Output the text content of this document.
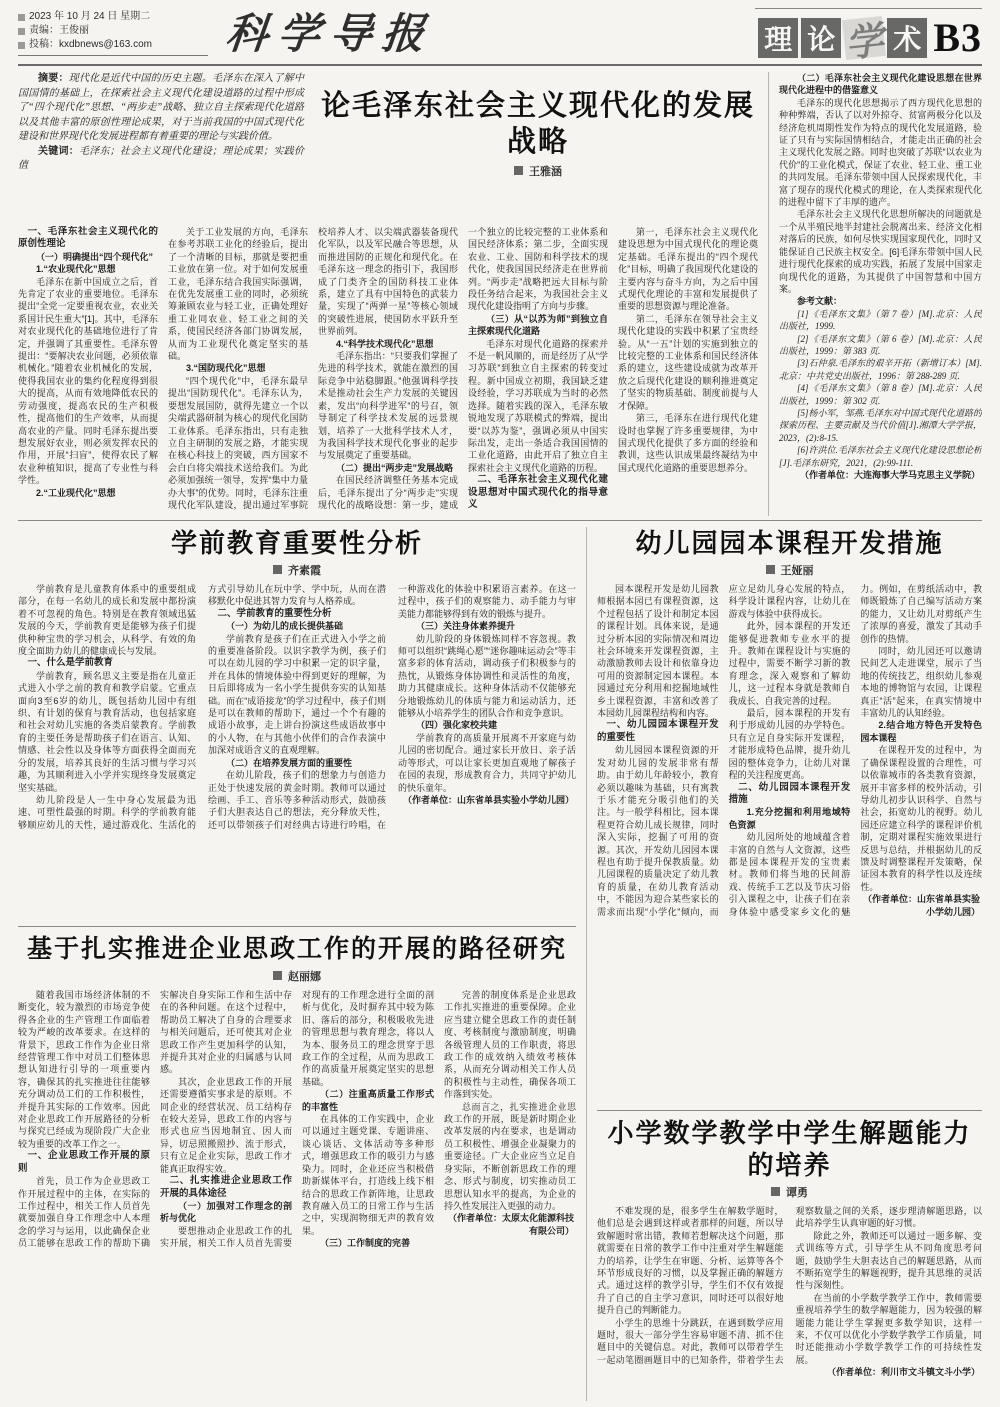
2023 年 10 月 24 日 星期二
责编：王俊丽
投稿：kxdbnews@163.com 科学导报	理 论 学 术 B3

摘要：现代化是近代中国的历史主题。毛泽东在深入了解中国国情的基础上，在探索社会主义现代化建设道路的过程中形成了“四个现代化”思想、“两步走”战略、独立自主探索现代化道路以及其他丰富的原创性理论成果，对于当前我国的中国式现代化建设和世界现代化发展进程都有着重要的理论与实践价值。

关键词：毛泽东；社会主义现代化建设；理论成果；实践价值

论毛泽东社会主义现代化的发展战略
王雅涵
一、毛泽东社会主义现代化的原创性理论
（一）明确提出“四个现代化”
1.“农业现代化”思想
毛泽东在新中国成立之后，首先肯定了农业的重要地位。毛泽东提出“全党一定要重视农业，农业关系国计民生重大”[1]。其中，毛泽东对农业现代化的基础地位进行了肯定，并强调了其重要性。毛泽东曾提出：“要解决农业问题，必须依靠机械化。”随着农业机械化的发展，使得我国农业的集约化程度得到很大的提高，从而有效地降低农民的劳动强度，提高农民的生产积极性，提高他们的生产效率，从而提高农业的产量。同时毛泽东提出要想发展好农业，则必须发挥农民的作用，开展“扫盲”，使得农民了解农业种植知识，提高了专业性与科学性。
2.“工业现代化”思想
关于工业发展的方向，毛泽东在参考苏联工业化的经验后，提出了一个清晰的目标，那就是要把重工业放在第一位。对于如何发展重工业，毛泽东结合我国实际强调，在优先发展重工业的同时，必须统筹兼顾农业与轻工业，正确处理好重工业同农业、轻工业之间的关系，使国民经济各部门协调发展，从而为工业现代化奠定坚实的基础。
3.“国防现代化”思想
“四个现代化”中，毛泽东最早提出“国防现代化”。毛泽东认为，要想发展国防，就得先建立一个以尖端武器研制为核心的现代化国防工业体系。毛泽东指出，只有走独立自主研制的发展之路，才能实现在核心科技上的突破，西方国家不会白白将尖端技术送给我们。为此必须加强统一领导，发挥“集中力量办大事”的优势。同时，毛泽东注重现代化军队建设，提出通过军事院校培养人才、以尖端武器装备现代化军队，以及军民融合等思想，从而推进国防的正规化和现代化。在毛泽东这一理念的指引下，我国形成了门类齐全的国防科技工业体系，建立了具有中国特色的武装力量，实现了“两弹一星”等核心领域的突破性进展，使国防水平跃升至世界前列。
4.“科学技术现代化”思想
毛泽东指出：“只要我们掌握了先进的科学技术，就能在激烈的国际竞争中站稳脚跟。”他强调科学技术是推动社会生产力发展的关键因素，发出“向科学进军”的号召，领导制定了科学技术发展的远景规划，培养了一大批科学技术人才，为我国科学技术现代化事业的起步与发展奠定了重要基础。
（二）提出“两步走”发展战略
在国民经济调整任务基本完成后，毛泽东提出了分“两步走”实现现代化的战略设想：第一步，建成一个独立的比较完整的工业体系和国民经济体系；第二步，全面实现农业、工业、国防和科学技术的现代化，使我国国民经济走在世界前列。“两步走”战略把远大目标与阶段任务结合起来，为我国社会主义现代化建设指明了方向与步骤。
（三）从“以苏为师”到独立自主探索现代化道路
毛泽东对现代化道路的探索并不是一帆风顺的，而是经历了从“学习苏联”到独立自主探索的转变过程。新中国成立初期，我国缺乏建设经验，学习苏联成为当时的必然选择。随着实践的深入，毛泽东敏锐地发现了苏联模式的弊端，提出要“以苏为鉴”，强调必须从中国实际出发，走出一条适合我国国情的工业化道路，由此开启了独立自主探索社会主义现代化道路的历程。
二、毛泽东社会主义现代化建设思想对中国式现代化的指导意义
第一，毛泽东社会主义现代化建设思想为中国式现代化的理论奠定基础。毛泽东提出的“四个现代化”目标，明确了我国现代化建设的主要内容与奋斗方向，为之后中国式现代化理论的丰富和发展提供了重要的思想资源与理论准备。
第二，毛泽东在领导社会主义现代化建设的实践中积累了宝贵经验。从“一五”计划的实施到独立的比较完整的工业体系和国民经济体系的建立，这些建设成就为改革开放之后现代化建设的顺利推进奠定了坚实的物质基础、制度前提与人才保障。
第三，毛泽东在进行现代化建设时也掌握了许多重要规律，为中国式现代化提供了多方面的经验和教训，这些认识成果最终凝结为中国式现代化道路的重要思想养分。
（二）毛泽东社会主义现代化建设思想在世界现代化进程中的借鉴意义
毛泽东的现代化思想揭示了西方现代化思想的种种弊端，否认了以对外掠夺、贫富两极分化以及经济危机周期性发作为特点的现代化发展道路，验证了只有与实际国情相结合，才能走出正确的社会主义现代化发展之路。同时也突破了苏联“以农业为代价”的工业化模式，保证了农业、轻工业、重工业的共同发展。毛泽东带领中国人民探索现代化，丰富了现存的现代化模式的理论，在人类探索现代化的进程中留下了丰厚的遗产。
毛泽东社会主义现代化思想所解决的问题就是一个从半殖民地半封建社会脱离出来、经济文化相对落后的民族，如何尽快实现国家现代化，同时又能保证自己民族主权安全。[6]毛泽东带领中国人民进行现代化探索的成功实践，拓展了发展中国家走向现代化的道路，为其提供了中国智慧和中国方案。
参考文献：
[1]《毛泽东文集》（第 7 卷）[M].北京：人民出版社，1999.
[2]《毛泽东文集》（第 6 卷）[M].北京：人民出版社，1999：第 383 页.
[3]石仲泉.毛泽东的艰辛开拓（新增订本）[M].北京：中共党史出版社，1996：第 288-289 页.
[4]《毛泽东文集》（第 8 卷）[M].北京：人民出版社，1999：第 302 页.
[5]杨小军，邹燕.毛泽东对中国式现代化道路的探索历程、主要贡献及当代价值[J].湘潭大学学报，2023，(2):8-15.
[6]许洪位.毛泽东社会主义现代化建设思想论析[J].毛泽东研究，2021，(2):99-111.
（作者单位：大连海事大学马克思主义学院）
学前教育重要性分析
齐素霞
学前教育是儿童教育体系中的重要组成部分，在每一名幼儿的成长和发展中都扮演着不可忽视的角色。特别是在教育领域迅猛发展的今天，学前教育更是能够为孩子们提供种种宝贵的学习机会，从科学、有效的角度全面助力幼儿的健康成长与发展。
一、什么是学前教育
学前教育，顾名思义主要是指在儿童正式进入小学之前的教育和教学启蒙。它重点面向3至6岁的幼儿，既包括幼儿园中有组织、有计划的保育与教育活动，也包括家庭和社会对幼儿实施的各类启蒙教育。学前教育的主要任务是帮助孩子们在语言、认知、情感、社会性以及身体等方面获得全面而充分的发展，培养其良好的生活习惯与学习兴趣，为其顺利进入小学并实现终身发展奠定坚实基础。
幼儿阶段是人一生中身心发展最为迅速、可塑性最强的时期。科学的学前教育能够顺应幼儿的天性，通过游戏化、生活化的方式引导幼儿在玩中学、学中玩，从而在潜移默化中促进其智力发育与人格养成。
二、学前教育的重要性分析
（一）为幼儿的成长提供基础
学前教育是孩子们在正式进入小学之前的重要准备阶段。以识字教学为例，孩子们可以在幼儿园的学习中积累一定的识字量，并在具体的情境体验中得到更好的理解，为日后即将成为一名小学生提供夯实的认知基础。而在“成语接龙”的学习过程中，孩子们则是可以在教师的帮助下，通过一个个有趣的成语小故事，走上讲台扮演这些成语故事中的小人物，在与其他小伙伴们的合作表演中加深对成语含义的直观理解。
（二）在培养发展方面的重要性
在幼儿阶段，孩子们的想象力与创造力正处于快速发展的黄金时期。教师可以通过绘画、手工、音乐等多种活动形式，鼓励孩子们大胆表达自己的想法，充分释放天性，还可以带领孩子们对经典古诗进行吟唱，在一种游戏化的体验中积累语言素养。在这一过程中，孩子们的观察能力、动手能力与审美能力都能够得到有效的锻炼与提升。
（三）关注身体素养提升
幼儿阶段的身体锻炼同样不容忽视。教师可以组织“跳绳心愿”“迷你趣味运动会”等丰富多彩的体育活动，调动孩子们积极参与的热忱，从锻炼身体协调性和灵活性的角度，助力其健康成长。这种身体活动不仅能够充分地锻炼幼儿的体质与能力和运动活力，还能够从小培养学生的团队合作和竞争意识。
（四）强化家校共建
学前教育的高质量开展离不开家庭与幼儿园的密切配合。通过家长开放日、亲子活动等形式，可以让家长更加直观地了解孩子在园的表现，形成教育合力，共同守护幼儿的快乐童年。
（作者单位：山东省单县实验小学幼儿园）
基于扎实推进企业思政工作的开展的路径研究
赵丽娜
随着我国市场经济体制的不断变化，较为激烈的市场竞争使得各企业的生产管理工作面临着较为严峻的改革要求。在这样的背景下，思政工作作为企业日常经营管理工作中对员工们整体思想认知进行引导的一项重要内容，确保其的扎实推进往往能够充分调动员工们的工作积极性，并提升其实际的工作效率。因此对企业思政工作开展路径的分析与探究已经成为现阶段广大企业较为重要的改革工作之一。
一、企业思政工作开展的原则
首先，员工作为企业思政工作开展过程中的主体，在实际的工作过程中，相关工作人员首先就要加强自身工作理念中人本理念的学习与运用，以此确保企业员工能够在思政工作的帮助下确实解决自身实际工作和生活中存在的各种问题。在这个过程中，帮助员工解决了自身的合理要求与相关问题后，还可使其对企业思政工作产生更加科学的认知，并提升其对企业的归属感与认同感。
其次，企业思政工作的开展还需要遵循实事求是的原则。不同企业的经营状况、员工结构存在较大差异，思政工作的内容与形式也应当因地制宜、因人而异，切忌照搬照抄、流于形式，只有立足企业实际，思政工作才能真正取得实效。
二、扎实推进企业思政工作开展的具体途径
（一）加强对工作理念的剖析与优化
要想推动企业思政工作的扎实开展，相关工作人员首先需要对现有的工作理念进行全面的剖析与优化，及时摒弃其中较为陈旧、落后的部分，积极吸收先进的管理思想与教育理念，将以人为本、服务员工的理念贯穿于思政工作的全过程，从而为思政工作的高质量开展奠定坚实的思想基础。
（二）注重高质量工作形式的丰富性
在具体的工作实践中，企业可以通过主题党课、专题讲座、谈心谈话、文体活动等多种形式，增强思政工作的吸引力与感染力。同时，企业还应当积极借助新媒体平台，打造线上线下相结合的思政工作新阵地，让思政教育融入员工的日常工作与生活之中，实现润物细无声的教育效果。
（三）工作制度的完善
完善的制度体系是企业思政工作扎实推进的重要保障。企业应当建立健全思政工作的责任制度、考核制度与激励制度，明确各级管理人员的工作职责，将思政工作的成效纳入绩效考核体系，从而充分调动相关工作人员的积极性与主动性，确保各项工作落到实处。
总而言之，扎实推进企业思政工作的开展，既是新时期企业改革发展的内在要求，也是调动员工积极性、增强企业凝聚力的重要途径。广大企业应当立足自身实际，不断创新思政工作的理念、形式与制度，切实推动员工思想认知水平的提高，为企业的持久性发展注入更强的动力。
（作者单位：太原太化能源科技有限公司）
幼儿园园本课程开发措施
王娅丽
园本课程开发是幼儿园教师根据本园已有课程资源，这个过程包括了设计和制定本园的课程计划。具体来说，是通过分析本园的实际情况和周边社会环境来开发课程资源，主动激励教师去设计和依靠身边可用的资源制定园本课程。本园通过充分利用和挖掘地域性乡土课程资源，丰富和改善了本园幼儿园课程结构和内容。
一、幼儿园园本课程开发的重要性
幼儿园园本课程资源的开发对幼儿园的发展非常有帮助。由于幼儿年龄较小，教育必须以趣味为基础，只有寓教于乐才能充分吸引他们的关注。与一般学科相比，园本课程更符合幼儿成长规律，同时深入实际，挖掘了可用的资源。其次，开发幼儿园园本课程也有助于提升保教质量。幼儿园课程的质量决定了幼儿教育的质量，在幼儿教育活动中，不能因为迎合某些家长的需求而出现“小学化”倾向，而应立足幼儿身心发展的特点，科学设计课程内容，让幼儿在游戏与体验中获得成长。
此外，园本课程的开发还能够促进教师专业水平的提升。教师在课程设计与实施的过程中，需要不断学习新的教育理念，深入观察和了解幼儿，这一过程本身就是教师自我成长、自我完善的过程。
最后，园本课程的开发有利于形成幼儿园的办学特色。只有立足自身实际开发课程，才能形成特色品牌，提升幼儿园的整体竞争力，让幼儿对课程的关注程度更高。
二、幼儿园园本课程开发措施
1.充分挖掘和利用地域特色资源
幼儿园所处的地域蕴含着丰富的自然与人文资源，这些都是园本课程开发的宝贵素材。教师们将当地的民间游戏、传统手工艺以及节庆习俗引入课程之中，让孩子们在亲身体验中感受家乡文化的魅力。例如，在剪纸活动中，教师既锻炼了自己编写活动方案的能力，又让幼儿对剪纸产生了浓厚的喜爱，激发了其动手创作的热情。
同时，幼儿园还可以邀请民间艺人走进课堂，展示了当地的传统技艺，组织幼儿参观本地的博物馆与农园，让课程真正“活”起来，在真实情境中丰富幼儿的认知经验。
2.结合地方特色开发特色园本课程
在课程开发的过程中，为了确保课程设置的合理性，可以依靠城市的各类教育资源，展开丰富多样的校外活动，引导幼儿初步认识科学、自然与社会，拓宽幼儿的视野。幼儿园还应建立科学的课程评价机制，定期对课程实施效果进行反思与总结，并根据幼儿的反馈及时调整课程开发策略，保证园本教育的科学性以及连续性。
（作者单位：山东省单县实验小学幼儿园）
小学数学教学中学生解题能力的培养
谭勇
不难发现的是，很多学生在解数学题时，他们总是会遇到这样或者那样的问题，所以导致解题时常出错，教师若想解决这个问题，那就需要在日常的教学工作中注重对学生解题能力的培养，让学生在审题、分析、运算等各个环节形成良好的习惯，以及掌握正确的解题方式。通过这样的教学引导，学生们不仅有效提升了自己的自主学习意识，同时还可以很好地提升自己的判断能力。
小学生的思维十分跳跃，在遇到数学应用题时，很大一部分学生容易审题不清、抓不住题目中的关键信息。对此，教师可以带着学生一起动笔圈画题目中的已知条件，带着学生去观察数量之间的关系，逐步理清解题思路，以此培养学生认真审题的好习惯。
除此之外，教师还可以通过一题多解、变式训练等方式，引导学生从不同角度思考问题，鼓励学生大胆表达自己的解题思路，从而不断拓宽学生的解题视野，提升其思维的灵活性与深刻性。
在当前的小学数学教学工作中，教师需要重视培养学生的数学解题能力，因为较强的解题能力能让学生掌握更多数学知识，这样一来，不仅可以优化小学数学教学工作质量，同时还能推动小学数学教学工作的可持续性发展。
（作者单位：利川市文斗镇文斗小学）
